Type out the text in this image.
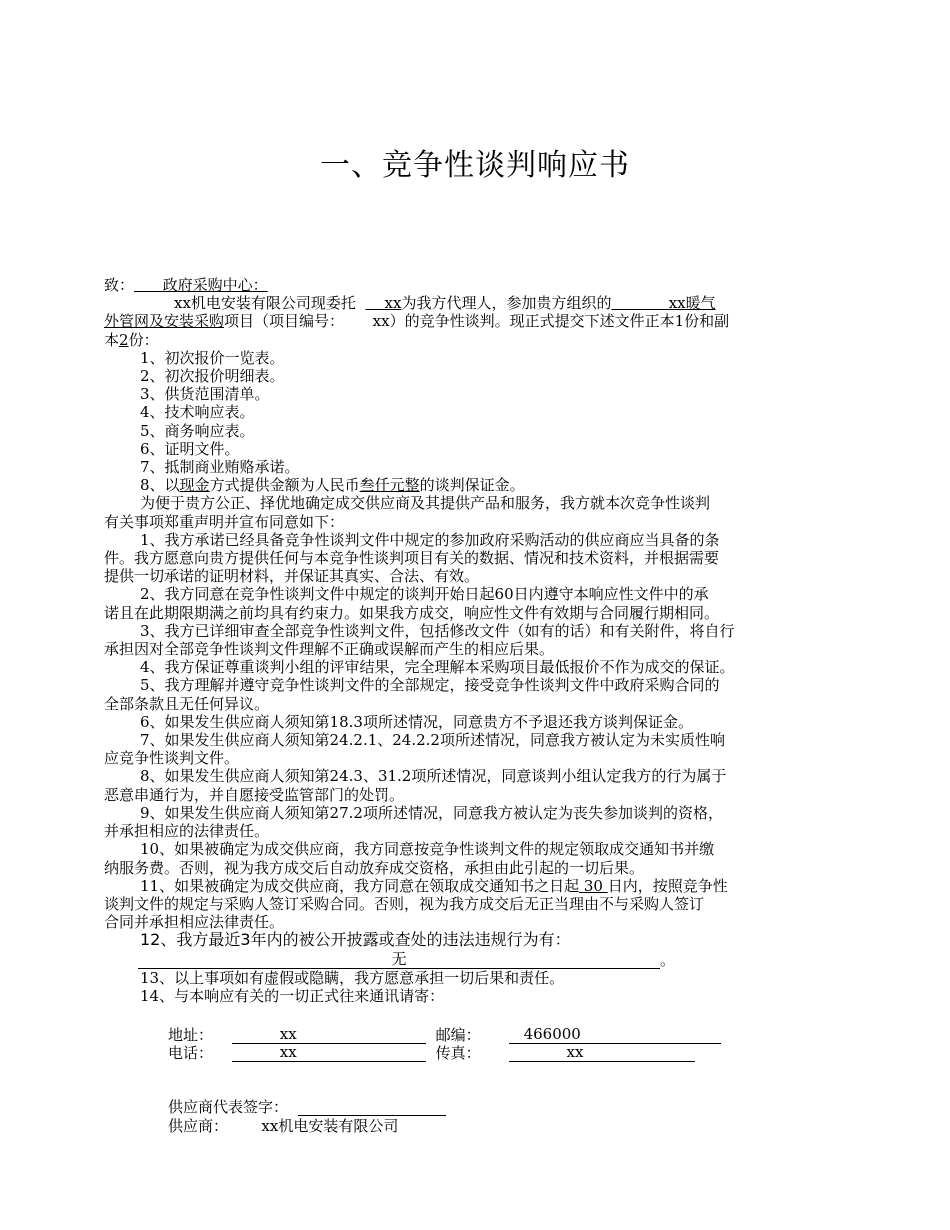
一、竞争性谈判响应书
致： 政府采购中心：
xx机电安装有限公司现委托 xx为我方代理人，参加贵方组织的	xx暖气
外管网及安装采购项目（项目编号： xx）的竞争性谈判。现正式提交下述文件正本1份和副
本2份：
1、初次报价一览表。
2、初次报价明细表。
3、供货范围清单。
4、技术响应表。
5、商务响应表。
6、证明文件。
7、抵制商业贿赂承诺。
8、以现金方式提供金额为人民币叁仟元整的谈判保证金。
为便于贵方公正、择优地确定成交供应商及其提供产品和服务，我方就本次竞争性谈判
有关事项郑重声明并宣布同意如下：
1、我方承诺已经具备竞争性谈判文件中规定的参加政府采购活动的供应商应当具备的条
件。我方愿意向贵方提供任何与本竞争性谈判项目有关的数据、情况和技术资料，并根据需要
提供一切承诺的证明材料，并保证其真实、合法、有效。
2、我方同意在竞争性谈判文件中规定的谈判开始日起60日内遵守本响应性文件中的承
诺且在此期限期满之前均具有约束力。如果我方成交，响应性文件有效期与合同履行期相同。
3、我方已详细审查全部竞争性谈判文件，包括修改文件（如有的话）和有关附件，将自行
承担因对全部竞争性谈判文件理解不正确或误解而产生的相应后果。
4、我方保证尊重谈判小组的评审结果，完全理解本采购项目最低报价不作为成交的保证。
5、我方理解并遵守竞争性谈判文件的全部规定，接受竞争性谈判文件中政府采购合同的
全部条款且无任何异议。
6、如果发生供应商人须知第18.3项所述情况，同意贵方不予退还我方谈判保证金。
7、如果发生供应商人须知第24.2.1、24.2.2项所述情况，同意我方被认定为未实质性响
应竞争性谈判文件。
8、如果发生供应商人须知第24.3、31.2项所述情况，同意谈判小组认定我方的行为属于
恶意串通行为，并自愿接受监管部门的处罚。
9、如果发生供应商人须知第27.2项所述情况，同意我方被认定为丧失参加谈判的资格，
并承担相应的法律责任。
10、如果被确定为成交供应商，我方同意按竞争性谈判文件的规定领取成交通知书并缴
纳服务费。否则，视为我方成交后自动放弃成交资格，承担由此引起的一切后果。
11、如果被确定为成交供应商，我方同意在领取成交通知书之日起 30 日内，按照竞争性
谈判文件的规定与采购人签订采购合同。否则，视为我方成交后无正当理由不与采购人签订
合同并承担相应法律责任。
12、我方最近3年内的被公开披露或查处的违法违规行为有：
无	。
13、以上事项如有虚假或隐瞒，我方愿意承担一切后果和责任。
14、与本响应有关的一切正式往来通讯请寄：
地址：	xx	邮编：	466000
电话：	xx	传真：	xx
供应商代表签字：
供应商： xx机电安装有限公司
